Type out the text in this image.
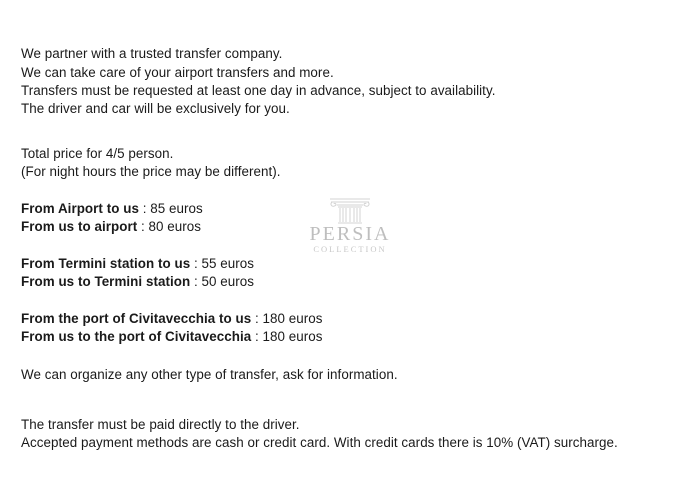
We partner with a trusted transfer company.
We can take care of your airport transfers and more.
Transfers must be requested at least one day in advance, subject to availability.
The driver and car will be exclusively for you.
Total price for 4/5 person.
(For night hours the price may be different).
From Airport to us : 85 euros
From us to airport : 80 euros
From Termini station to us : 55 euros
From us to Termini station : 50 euros
From the port of Civitavecchia to us : 180 euros
From us to the port of Civitavecchia : 180 euros
We can organize any other type of transfer, ask for information.
The transfer must be paid directly to the driver.
Accepted payment methods are cash or credit card. With credit cards there is 10% (VAT) surcharge.
PERSIA
COLLECTION
